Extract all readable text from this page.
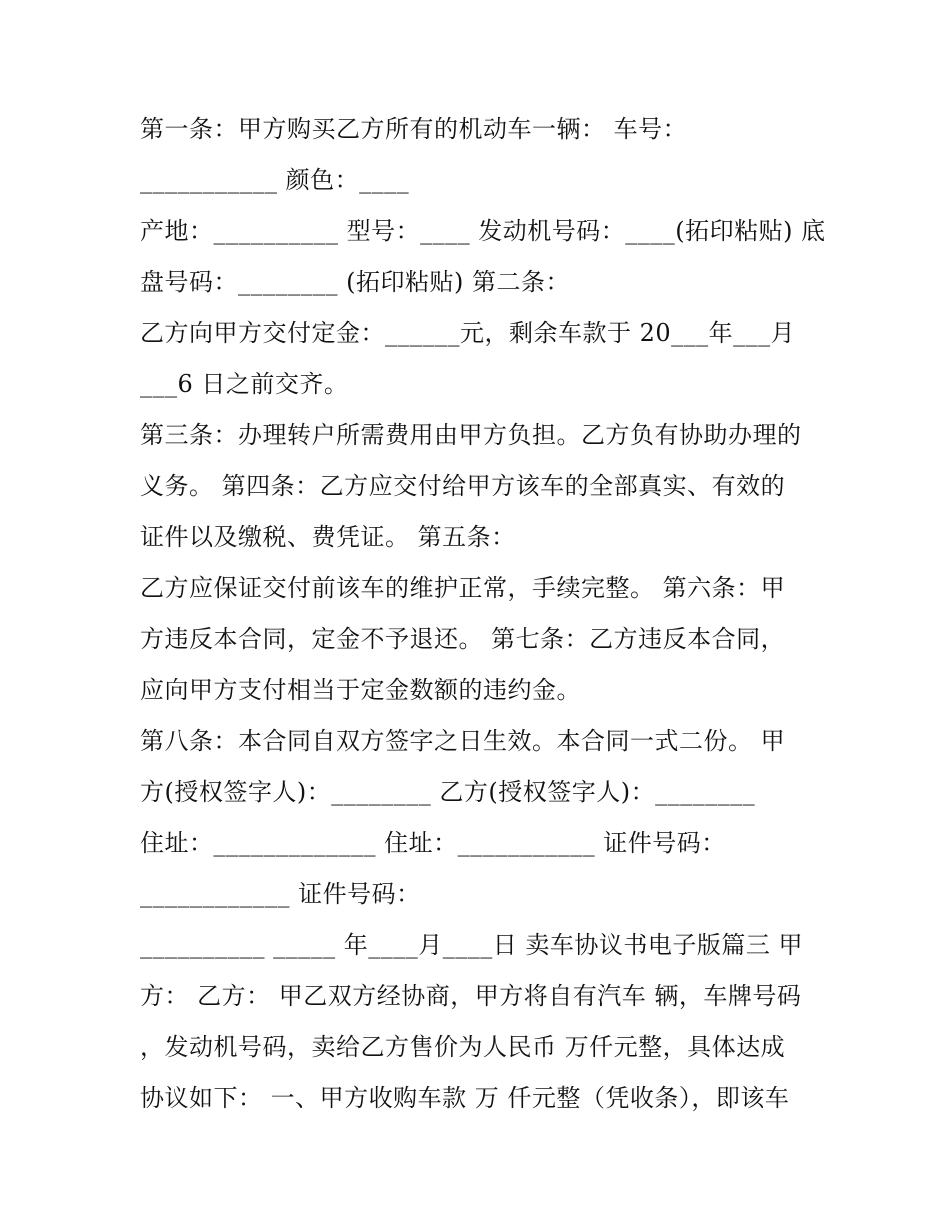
第一条：甲方购买乙方所有的机动车一辆： 车号：
___________ 颜色：____
产地：__________ 型号：____ 发动机号码：____(拓印粘贴) 底
盘号码：________ (拓印粘贴) 第二条：
乙方向甲方交付定金：______元，剩余车款于 20___年___月
___6 日之前交齐。
第三条：办理转户所需费用由甲方负担。乙方负有协助办理的
义务。 第四条：乙方应交付给甲方该车的全部真实、有效的
证件以及缴税、费凭证。 第五条：
乙方应保证交付前该车的维护正常，手续完整。 第六条：甲
方违反本合同，定金不予退还。 第七条：乙方违反本合同，
应向甲方支付相当于定金数额的违约金。
第八条：本合同自双方签字之日生效。本合同一式二份。 甲
方(授权签字人)：________ 乙方(授权签字人)：________
住址：_____________ 住址：___________ 证件号码：
____________ 证件号码：
__________ _____ 年____月____日 卖车协议书电子版篇三 甲
方： 乙方： 甲乙双方经协商，甲方将自有汽车 辆，车牌号码
，发动机号码，卖给乙方售价为人民币 万仟元整，具体达成
协议如下： 一、甲方收购车款 万 仟元整（凭收条），即该车
